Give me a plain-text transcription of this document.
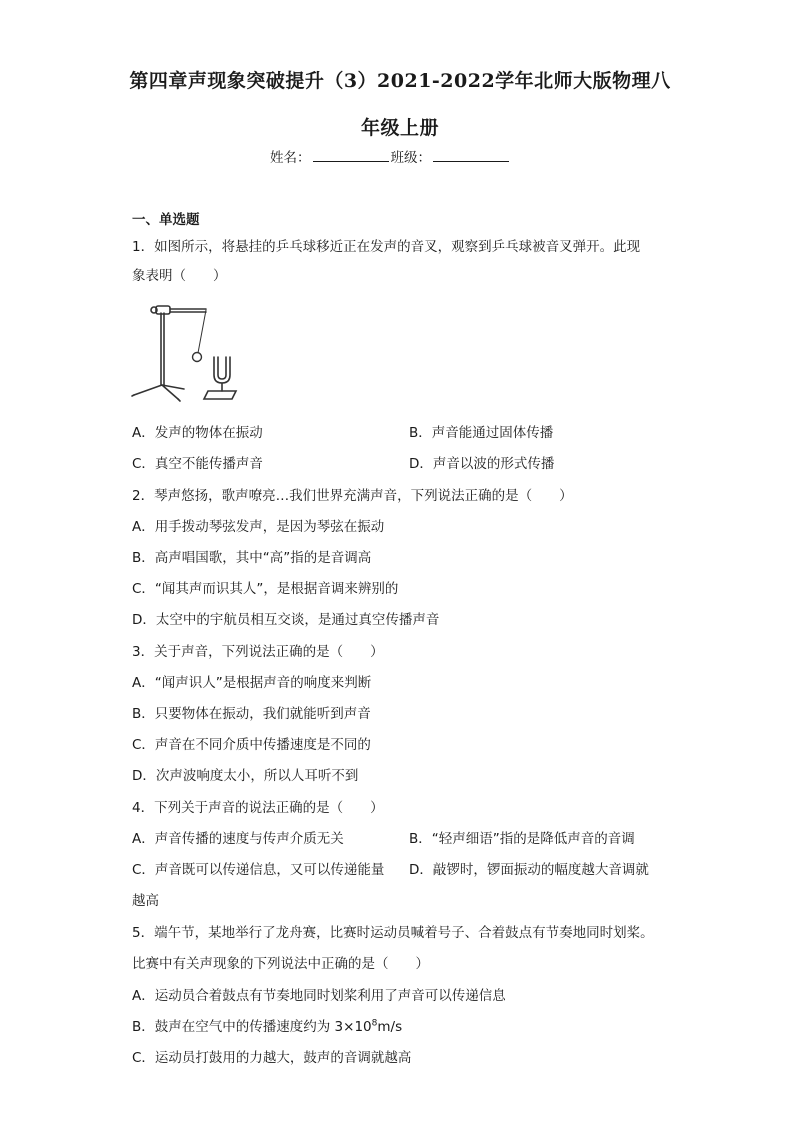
第四章声现象突破提升（3）2021-2022学年北师大版物理八
年级上册
姓名：	班级：
一、单选题
1．如图所示，将悬挂的乒乓球移近正在发声的音叉，观察到乒乓球被音叉弹开。此现
象表明（　　）
A．发声的物体在振动	B．声音能通过固体传播
C．真空不能传播声音	D．声音以波的形式传播
2．琴声悠扬，歌声嘹亮…我们世界充满声音，下列说法正确的是（　　）
A．用手拨动琴弦发声，是因为琴弦在振动
B．高声唱国歌，其中“高”指的是音调高
C．“闻其声而识其人”，是根据音调来辨别的
D．太空中的宇航员相互交谈，是通过真空传播声音
3．关于声音，下列说法正确的是（　　）
A．“闻声识人”是根据声音的响度来判断
B．只要物体在振动，我们就能听到声音
C．声音在不同介质中传播速度是不同的
D．次声波响度太小，所以人耳听不到
4．下列关于声音的说法正确的是（　　）
A．声音传播的速度与传声介质无关	B．“轻声细语”指的是降低声音的音调
C．声音既可以传递信息，又可以传递能量 D．敲锣时，锣面振动的幅度越大音调就
越高
5．端午节，某地举行了龙舟赛，比赛时运动员喊着号子、合着鼓点有节奏地同时划桨。
比赛中有关声现象的下列说法中正确的是（　　）
A．运动员合着鼓点有节奏地同时划桨利用了声音可以传递信息
B．鼓声在空气中的传播速度约为 $3\times 10^8m/s$
C．运动员打鼓用的力越大，鼓声的音调就越高
